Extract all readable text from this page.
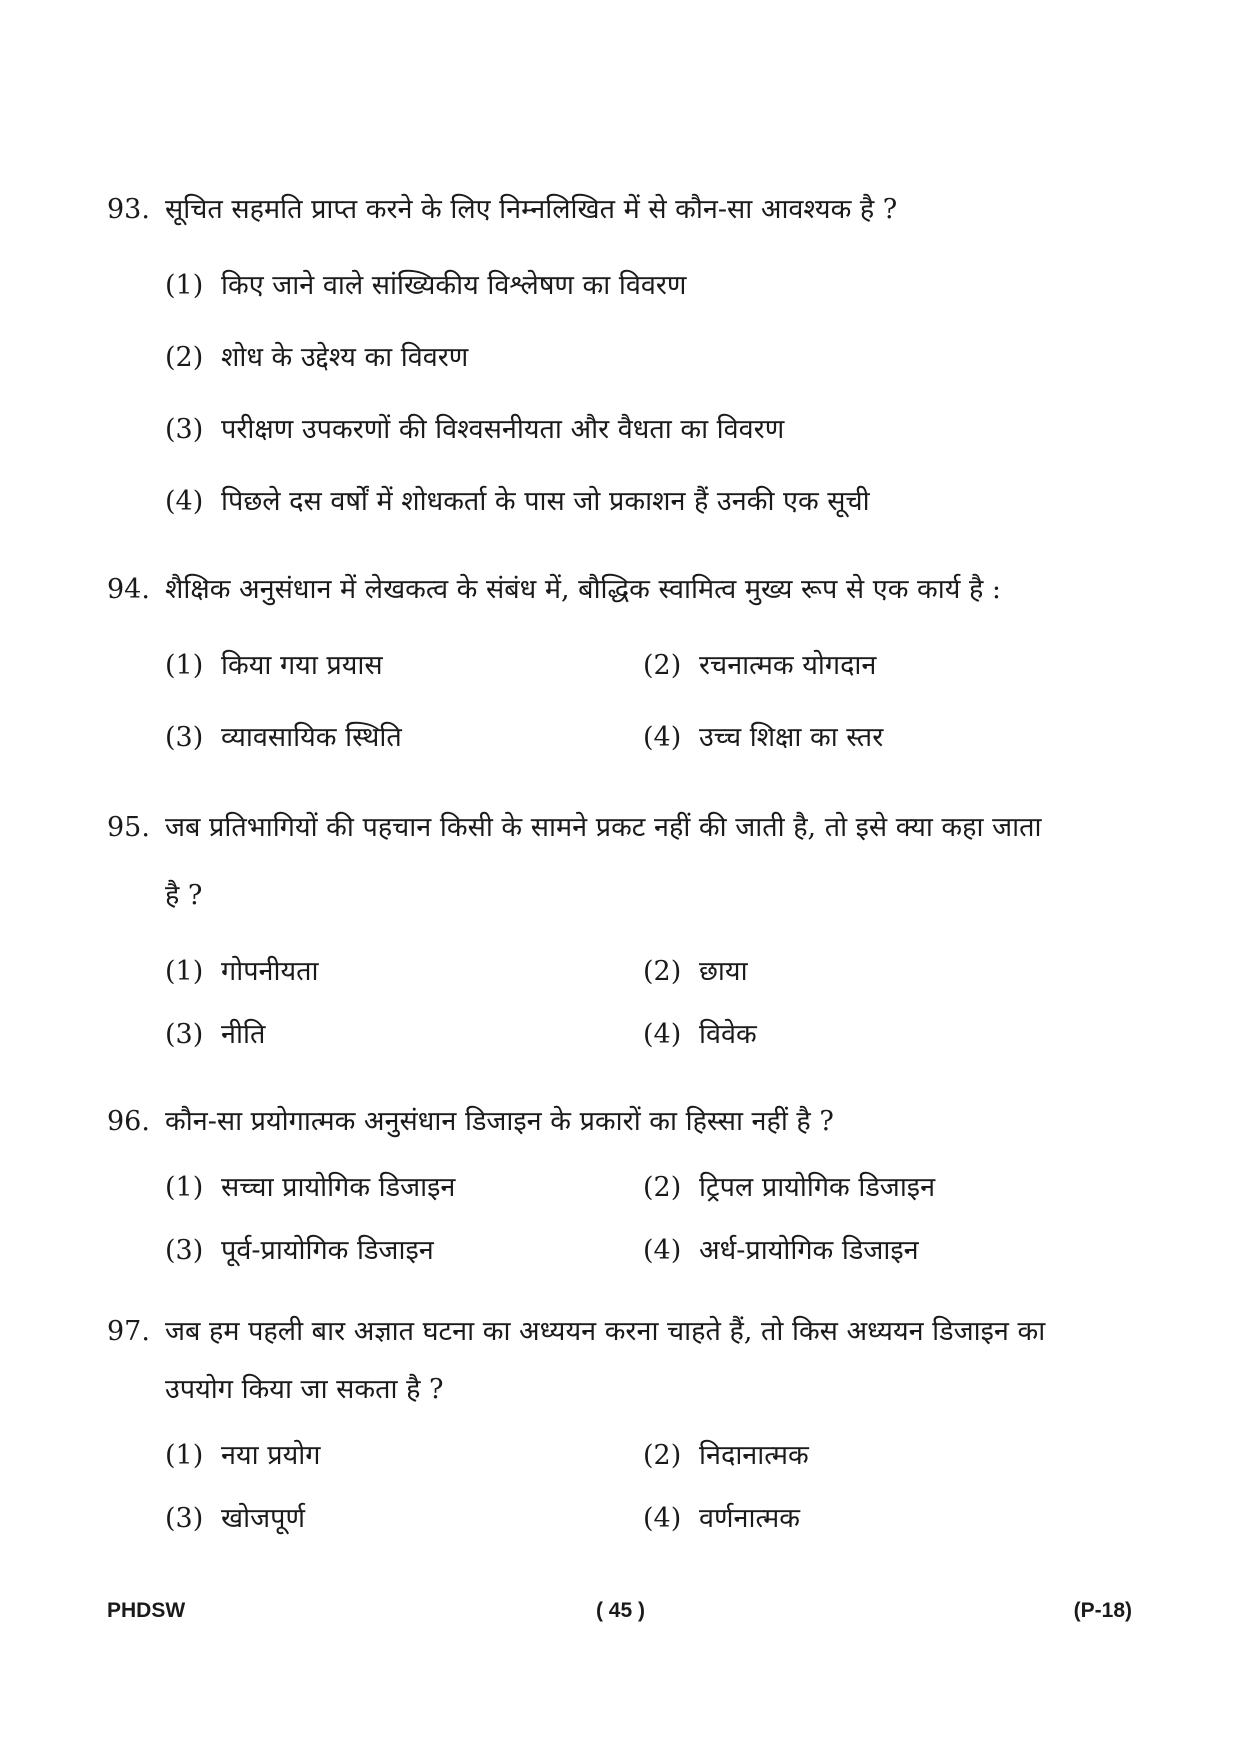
93. सूचित सहमति प्राप्त करने के लिए निम्नलिखित में से कौन-सा आवश्यक है ?
(1) किए जाने वाले सांख्यिकीय विश्लेषण का विवरण
(2) शोध के उद्देश्य का विवरण
(3) परीक्षण उपकरणों की विश्वसनीयता और वैधता का विवरण
(4) पिछले दस वर्षों में शोधकर्ता के पास जो प्रकाशन हैं उनकी एक सूची
94. शैक्षिक अनुसंधान में लेखकत्व के संबंध में, बौद्धिक स्वामित्व मुख्य रूप से एक कार्य है :
(1) किया गया प्रयास	(2) रचनात्मक योगदान
(3) व्यावसायिक स्थिति	(4) उच्च शिक्षा का स्तर
95. जब प्रतिभागियों की पहचान किसी के सामने प्रकट नहीं की जाती है, तो इसे क्या कहा जाता
है ?
(1) गोपनीयता	(2) छाया
(3) नीति	(4) विवेक
96. कौन-सा प्रयोगात्मक अनुसंधान डिजाइन के प्रकारों का हिस्सा नहीं है ?
(1) सच्चा प्रायोगिक डिजाइन	(2) ट्रिपल प्रायोगिक डिजाइन
(3) पूर्व-प्रायोगिक डिजाइन	(4) अर्ध-प्रायोगिक डिजाइन
97. जब हम पहली बार अज्ञात घटना का अध्ययन करना चाहते हैं, तो किस अध्ययन डिजाइन का
उपयोग किया जा सकता है ?
(1) नया प्रयोग	(2) निदानात्मक
(3) खोजपूर्ण	(4) वर्णनात्मक
PHDSW	( 45 )	(P-18)
